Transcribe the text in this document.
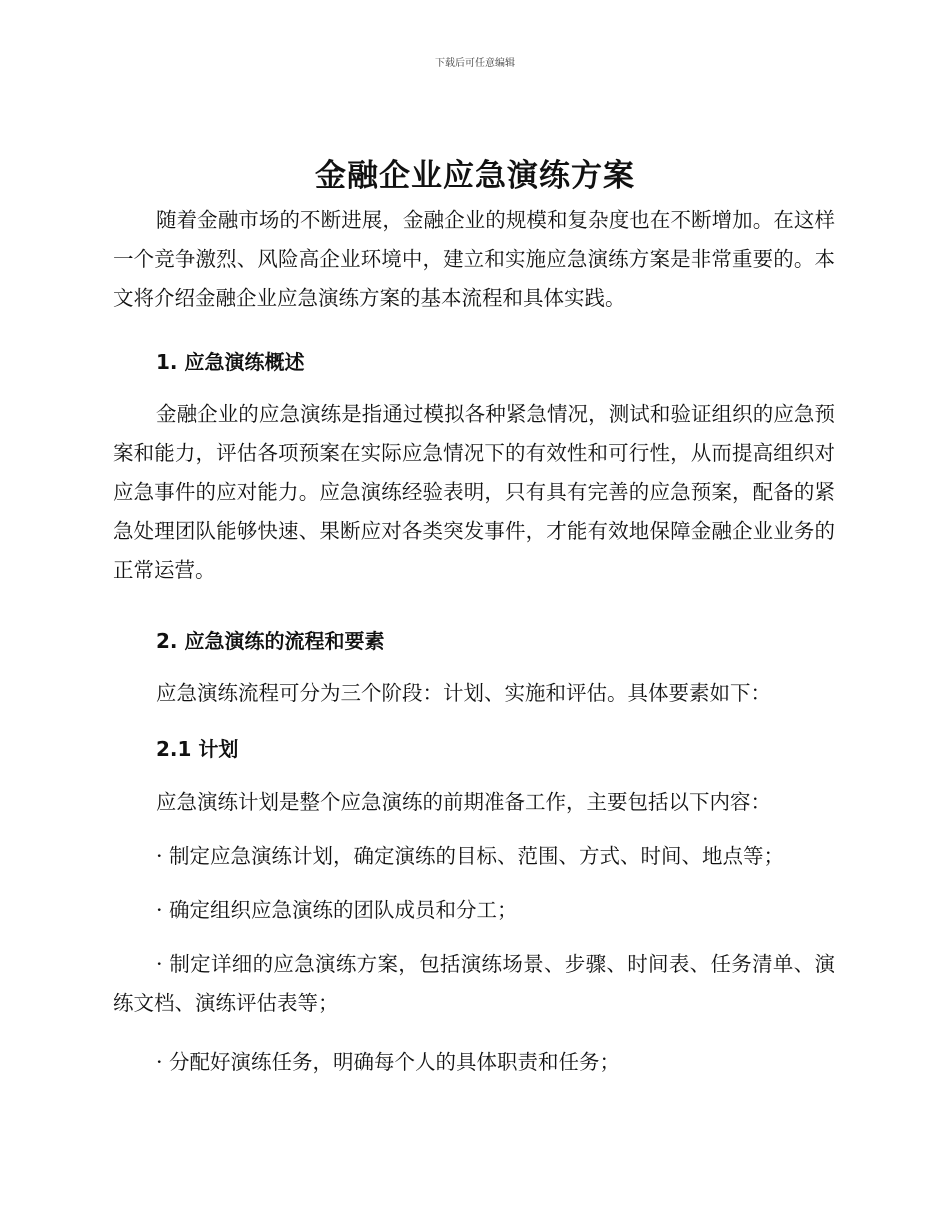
下载后可任意编辑
金融企业应急演练方案
随着金融市场的不断进展，金融企业的规模和复杂度也在不断增加。在这样一个竞争激烈、风险高企业环境中，建立和实施应急演练方案是非常重要的。本文将介绍金融企业应急演练方案的基本流程和具体实践。
1. 应急演练概述
金融企业的应急演练是指通过模拟各种紧急情况，测试和验证组织的应急预案和能力，评估各项预案在实际应急情况下的有效性和可行性，从而提高组织对应急事件的应对能力。应急演练经验表明，只有具有完善的应急预案，配备的紧急处理团队能够快速、果断应对各类突发事件，才能有效地保障金融企业业务的正常运营。
2. 应急演练的流程和要素
应急演练流程可分为三个阶段：计划、实施和评估。具体要素如下：
2.1 计划
应急演练计划是整个应急演练的前期准备工作，主要包括以下内容：
· 制定应急演练计划，确定演练的目标、范围、方式、时间、地点等；
· 确定组织应急演练的团队成员和分工；
· 制定详细的应急演练方案，包括演练场景、步骤、时间表、任务清单、演练文档、演练评估表等；
· 分配好演练任务，明确每个人的具体职责和任务；
